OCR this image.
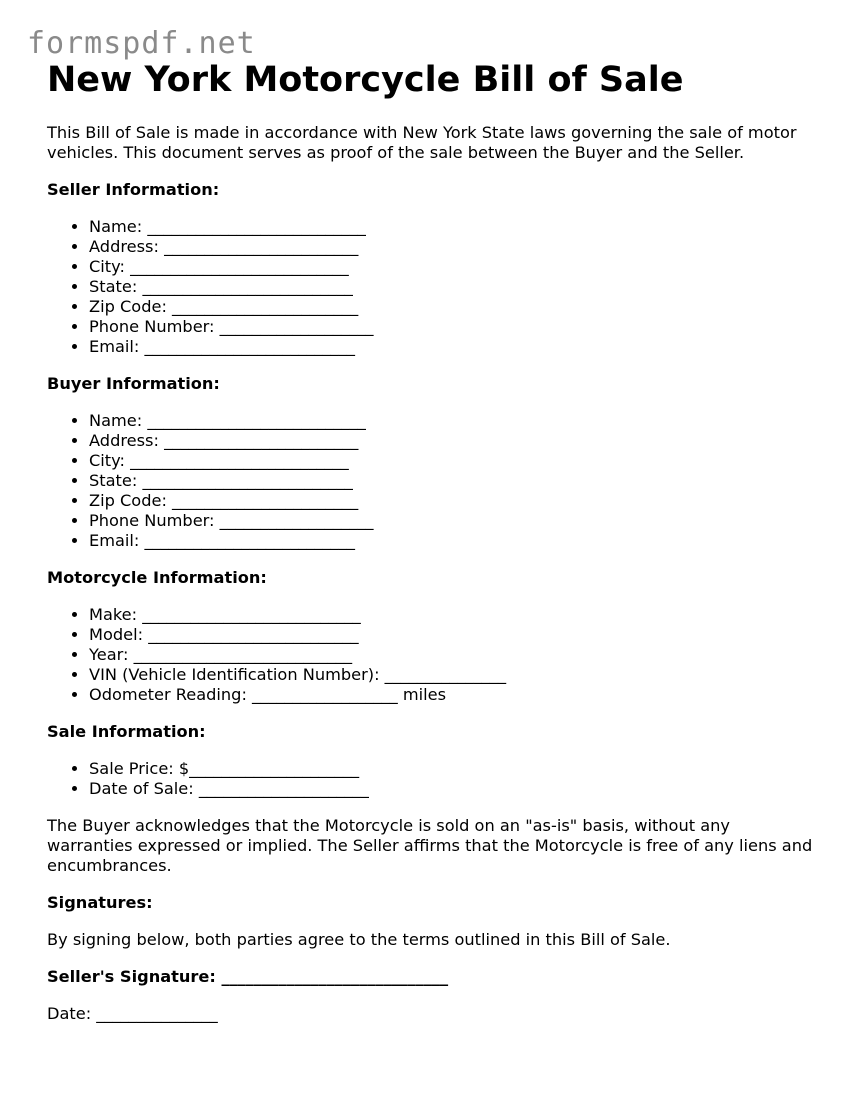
formspdf.net
New York Motorcycle Bill of Sale

This Bill of Sale is made in accordance with New York State laws governing the sale of motor vehicles. This document serves as proof of the sale between the Buyer and the Seller.

Seller Information:
• Name: ___________________________
• Address: ________________________
• City: ___________________________
• State: __________________________
• Zip Code: _______________________
• Phone Number: ___________________
• Email: __________________________
Buyer Information:
• Name: ___________________________
• Address: ________________________
• City: ___________________________
• State: __________________________
• Zip Code: _______________________
• Phone Number: ___________________
• Email: __________________________
Motorcycle Information:
• Make: ___________________________
• Model: __________________________
• Year: ___________________________
• VIN (Vehicle Identification Number): _______________
• Odometer Reading: __________________ miles
Sale Information:
• Sale Price: $_____________________
• Date of Sale: _____________________

The Buyer acknowledges that the Motorcycle is sold on an "as-is" basis, without any warranties expressed or implied. The Seller affirms that the Motorcycle is free of any liens and encumbrances.

Signatures:

By signing below, both parties agree to the terms outlined in this Bill of Sale.

Seller's Signature: ____________________________
Date: _______________
